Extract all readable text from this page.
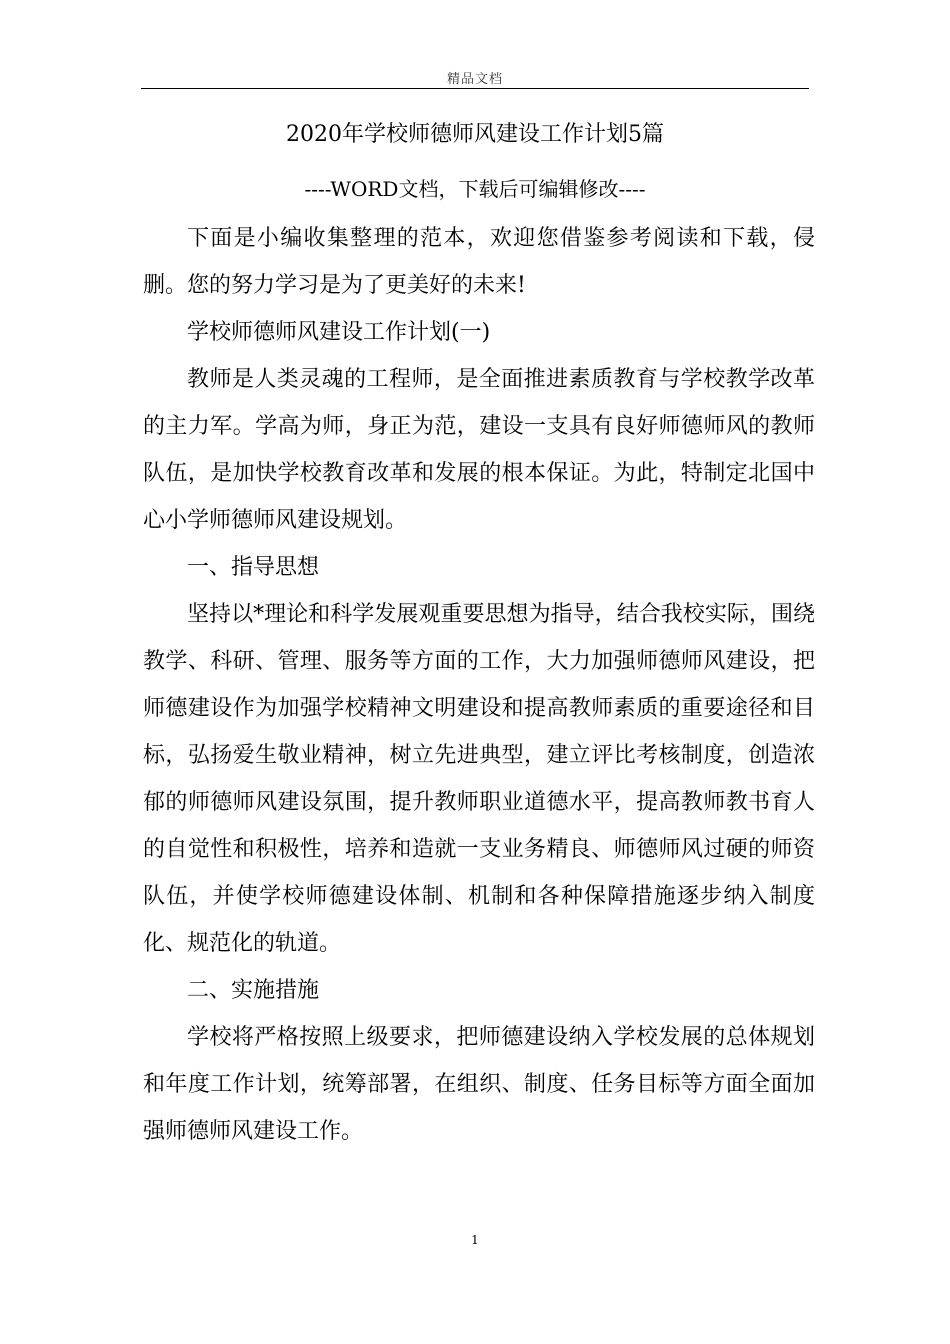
精品文档
2020年学校师德师风建设工作计划5篇
----WORD文档，下载后可编辑修改----

下面是小编收集整理的范本，欢迎您借鉴参考阅读和下载，侵删。您的努力学习是为了更美好的未来!

学校师德师风建设工作计划(一)

教师是人类灵魂的工程师，是全面推进素质教育与学校教学改革的主力军。学高为师，身正为范，建设一支具有良好师德师风的教师队伍，是加快学校教育改革和发展的根本保证。为此，特制定北国中心小学师德师风建设规划。

一、指导思想

坚持以*理论和科学发展观重要思想为指导，结合我校实际，围绕教学、科研、管理、服务等方面的工作，大力加强师德师风建设，把师德建设作为加强学校精神文明建设和提高教师素质的重要途径和目标，弘扬爱生敬业精神，树立先进典型，建立评比考核制度，创造浓郁的师德师风建设氛围，提升教师职业道德水平，提高教师教书育人的自觉性和积极性，培养和造就一支业务精良、师德师风过硬的师资队伍，并使学校师德建设体制、机制和各种保障措施逐步纳入制度化、规范化的轨道。

二、实施措施

学校将严格按照上级要求，把师德建设纳入学校发展的总体规划和年度工作计划，统筹部署，在组织、制度、任务目标等方面全面加强师德师风建设工作。

1
